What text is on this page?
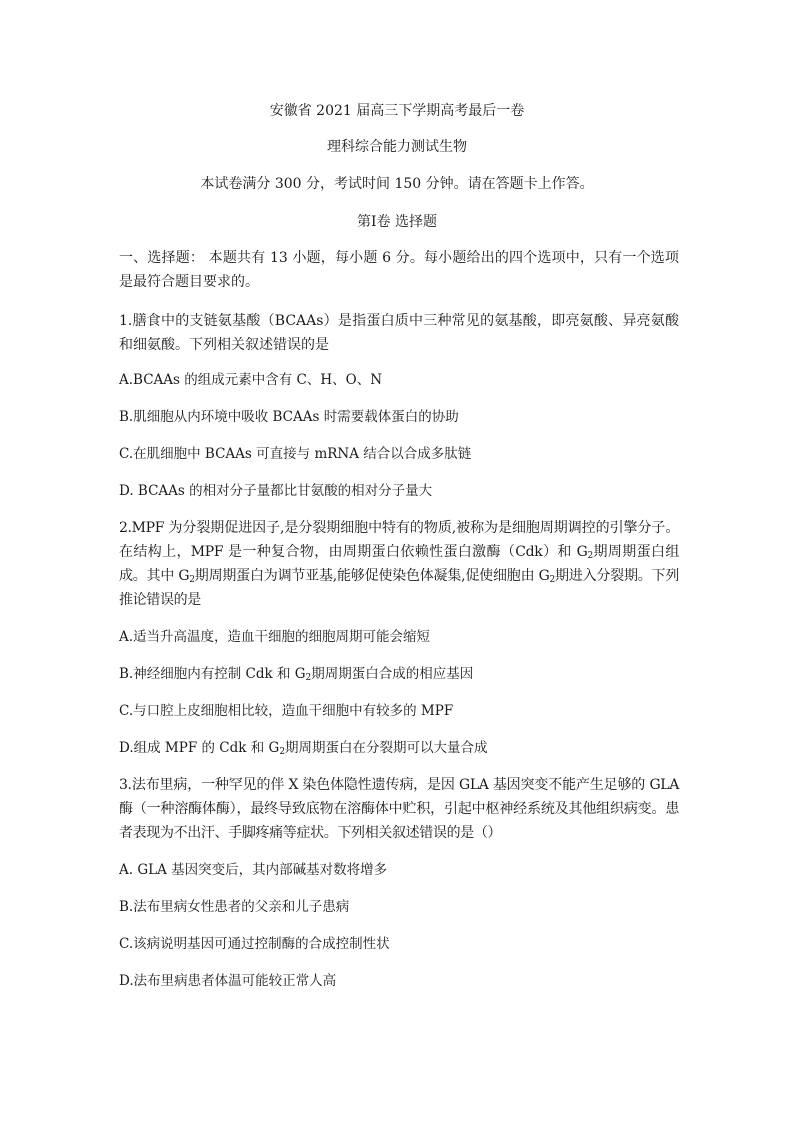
安徽省 2021 届高三下学期高考最后一卷
理科综合能力测试生物
本试卷满分 300 分，考试时间 150 分钟。请在答题卡上作答。
第Ⅰ卷 选择题
一、选择题： 本题共有 13 小题，每小题 6 分。每小题给出的四个选项中，只有一个选项是最符合题目要求的。
1.膳食中的支链氨基酸（BCAAs）是指蛋白质中三种常见的氨基酸，即亮氨酸、异亮氨酸和细氨酸。下列相关叙述错误的是
A.BCAAs 的组成元素中含有 C、H、O、N
B.肌细胞从内环境中吸收 BCAAs 时需要载体蛋白的协助
C.在肌细胞中 BCAAs 可直接与 mRNA 结合以合成多肽链
D. BCAAs 的相对分子量都比甘氨酸的相对分子量大
2.MPF 为分裂期促进因子,是分裂期细胞中特有的物质,被称为是细胞周期调控的引擎分子。在结构上，MPF 是一种复合物，由周期蛋白依赖性蛋白激酶（Cdk）和 $G_2$期周期蛋白组成。其中 $G_2$期周期蛋白为调节亚基,能够促使染色体凝集,促使细胞由 $G_2$期进入分裂期。下列推论错误的是
A.适当升高温度，造血干细胞的细胞周期可能会缩短
B.神经细胞内有控制 Cdk 和 $G_2$期周期蛋白合成的相应基因
C.与口腔上皮细胞相比较，造血干细胞中有较多的 MPF
D.组成 MPF 的 Cdk 和 $G_2$期周期蛋白在分裂期可以大量合成
3.法布里病，一种罕见的伴 X 染色体隐性遗传病，是因 GLA 基因突变不能产生足够的 GLA 酶（一种溶酶体酶），最终导致底物在溶酶体中贮积，引起中枢神经系统及其他组织病变。患者表现为不出汗、手脚疼痛等症状。下列相关叙述错误的是（）
A. GLA 基因突变后，其内部碱基对数将增多
B.法布里病女性患者的父亲和儿子患病
C.该病说明基因可通过控制酶的合成控制性状
D.法布里病患者体温可能较正常人高
